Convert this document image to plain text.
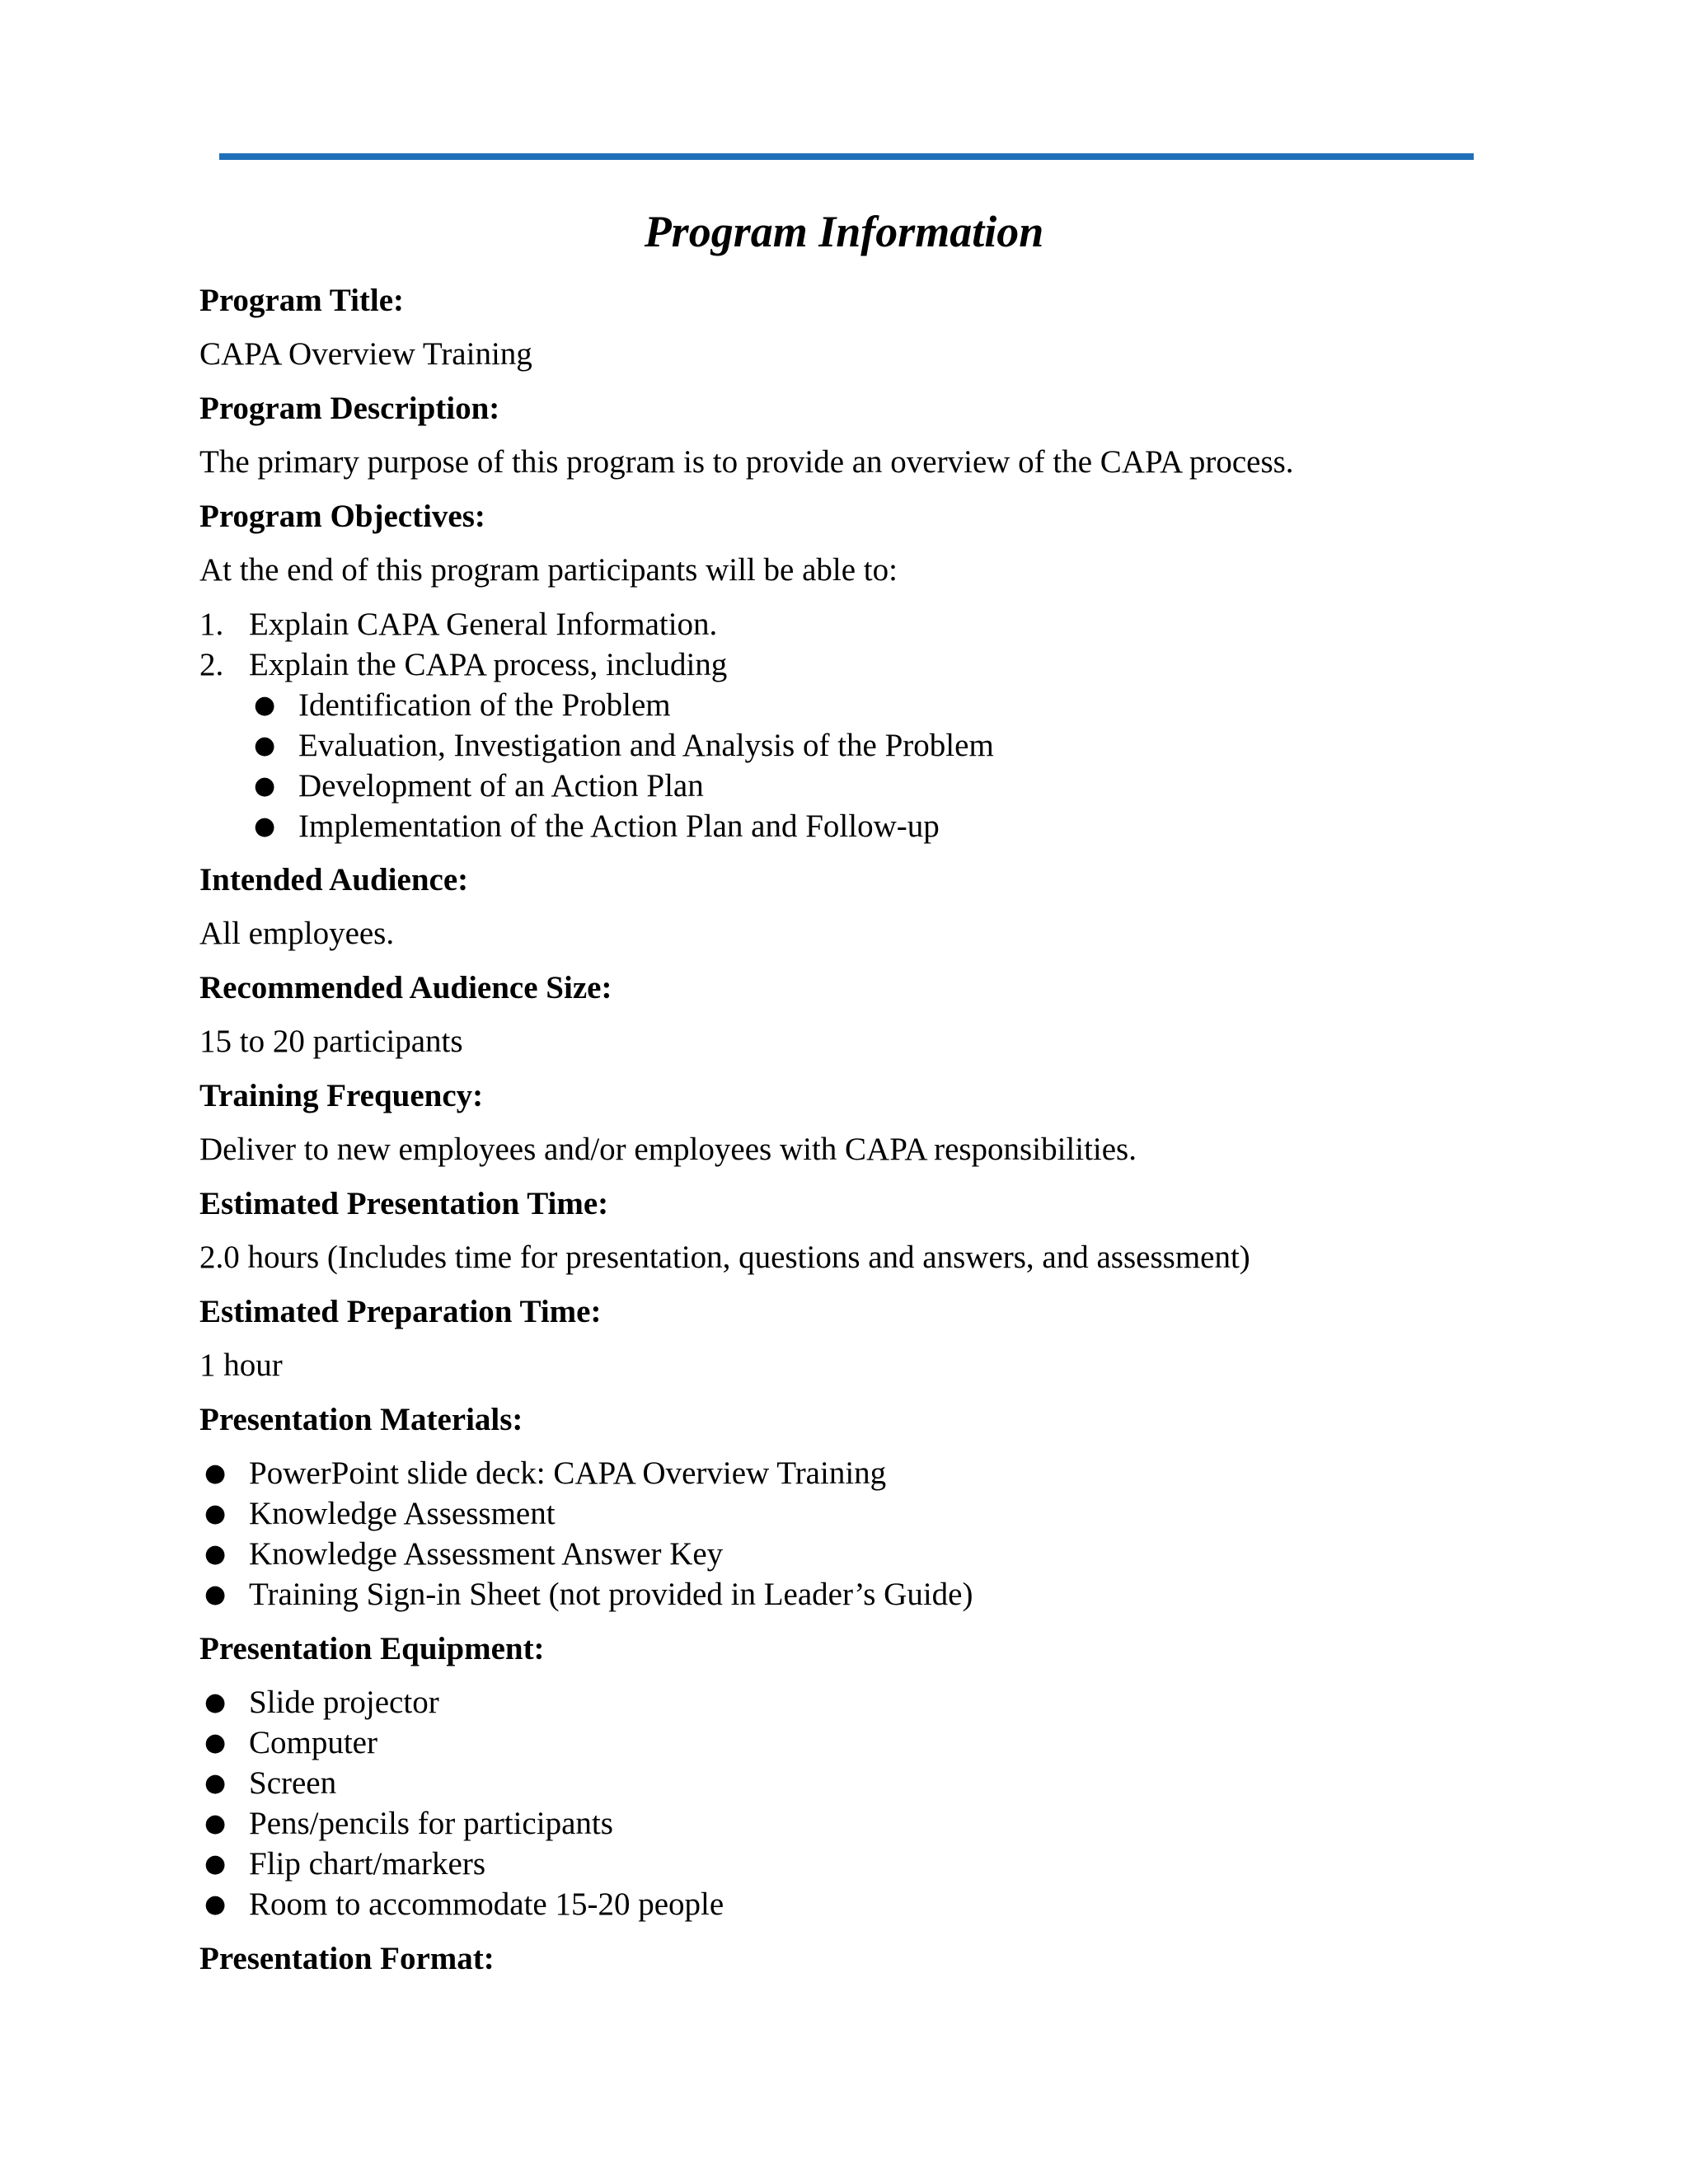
Program Information
Program Title:
CAPA Overview Training
Program Description:
The primary purpose of this program is to provide an overview of the CAPA process.
Program Objectives:
At the end of this program participants will be able to:
1. Explain CAPA General Information.
2. Explain the CAPA process, including
● Identification of the Problem
● Evaluation, Investigation and Analysis of the Problem
● Development of an Action Plan
● Implementation of the Action Plan and Follow-up
Intended Audience:
All employees.
Recommended Audience Size:
15 to 20 participants
Training Frequency:
Deliver to new employees and/or employees with CAPA responsibilities.
Estimated Presentation Time:
2.0 hours (Includes time for presentation, questions and answers, and assessment)
Estimated Preparation Time:
1 hour
Presentation Materials:
● PowerPoint slide deck: CAPA Overview Training
● Knowledge Assessment
● Knowledge Assessment Answer Key
● Training Sign-in Sheet (not provided in Leader’s Guide)
Presentation Equipment:
● Slide projector
● Computer
● Screen
● Pens/pencils for participants
● Flip chart/markers
● Room to accommodate 15-20 people
Presentation Format:
